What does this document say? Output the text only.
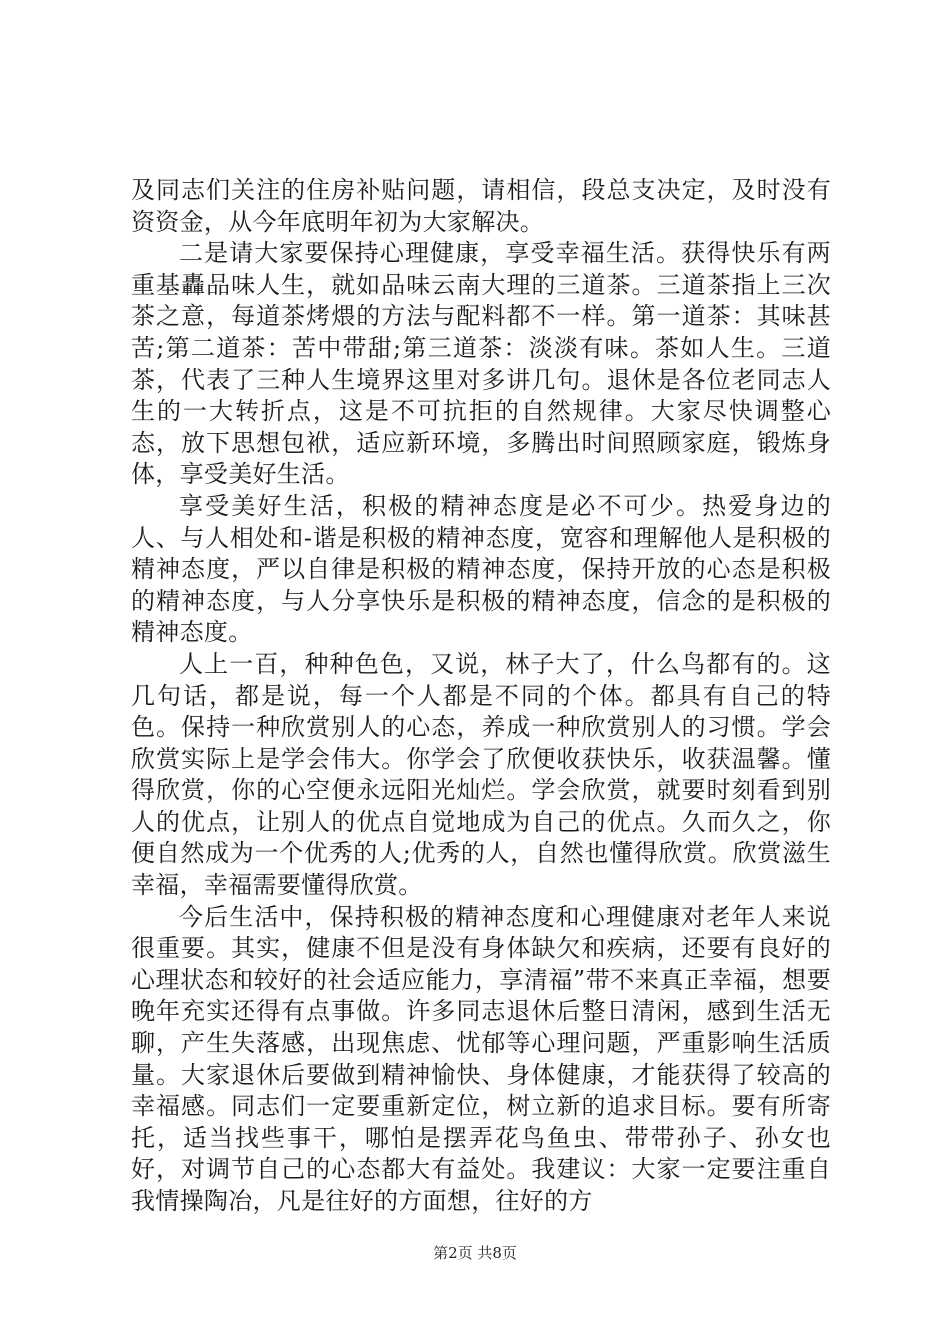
及同志们关注的住房补贴问题，请相信，段总支决定，及时没有资资金，从今年底明年初为大家解决。

二是请大家要保持心理健康，享受幸福生活。获得快乐有两重基轟品味人生，就如品味云南大理的三道茶。三道茶指上三次茶之意，每道茶烤煨的方法与配料都不一样。第一道茶：其味甚苦;第二道茶：苦中带甜;第三道茶：淡淡有味。茶如人生。三道茶，代表了三种人生境界这里对多讲几句。退休是各位老同志人生的一大转折点，这是不可抗拒的自然规律。大家尽快调整心态，放下思想包袱，适应新环境，多腾出时间照顾家庭，锻炼身体，享受美好生活。

享受美好生活，积极的精神态度是必不可少。热爱身边的人、与人相处和-谐是积极的精神态度，宽容和理解他人是积极的精神态度，严以自律是积极的精神态度，保持开放的心态是积极的精神态度，与人分享快乐是积极的精神态度，信念的是积极的精神态度。

人上一百，种种色色，又说，林子大了，什么鸟都有的。这几句话，都是说，每一个人都是不同的个体。都具有自己的特色。保持一种欣赏别人的心态，养成一种欣赏别人的习惯。学会欣赏实际上是学会伟大。你学会了欣便收获快乐，收获温馨。懂得欣赏，你的心空便永远阳光灿烂。学会欣赏，就要时刻看到别人的优点，让别人的优点自觉地成为自己的优点。久而久之，你便自然成为一个优秀的人;优秀的人，自然也懂得欣赏。欣赏滋生幸福，幸福需要懂得欣赏。

今后生活中，保持积极的精神态度和心理健康对老年人来说很重要。其实，健康不但是没有身体缺欠和疾病，还要有良好的心理状态和较好的社会适应能力，享清福”带不来真正幸福，想要晚年充实还得有点事做。许多同志退休后整日清闲，感到生活无聊，产生失落感，出现焦虑、忧郁等心理问题，严重影响生活质量。大家退休后要做到精神愉快、身体健康，才能获得了较高的幸福感。同志们一定要重新定位，树立新的追求目标。要有所寄托，适当找些事干，哪怕是摆弄花鸟鱼虫、带带孙子、孙女也好，对调节自己的心态都大有益处。我建议：大家一定要注重自我情操陶冶，凡是往好的方面想，往好的方

第2页 共8页
